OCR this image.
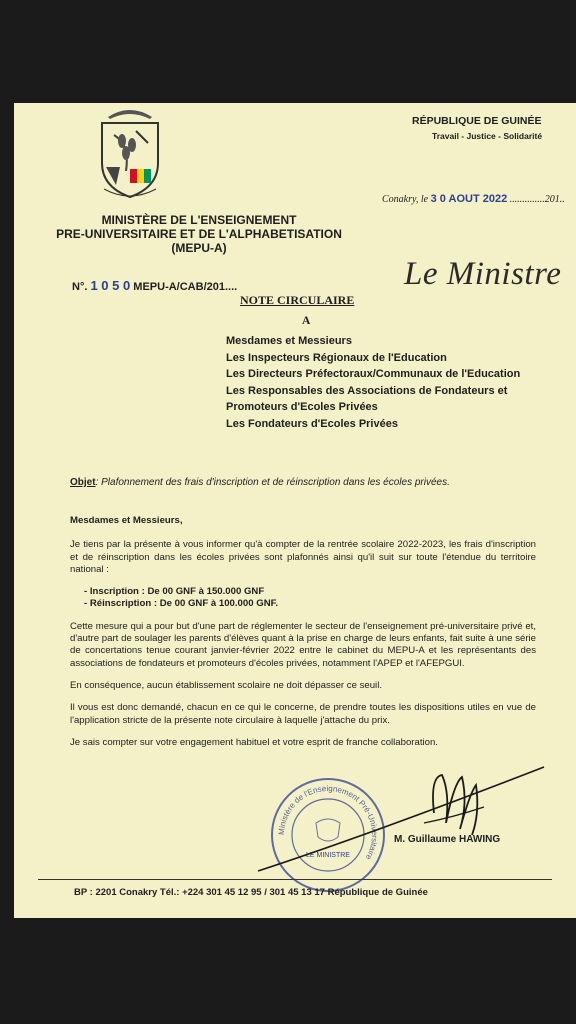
RÉPUBLIQUE DE GUINÉE
Travail - Justice - Solidarité
Conakry, le 3 0 AOUT 2022 ..............201..
MINISTÈRE DE L'ENSEIGNEMENT
PRE-UNIVERSITAIRE ET DE L'ALPHABETISATION
(MEPU-A)
N°. 1 0 5 0 MEPU-A/CAB/201....	Le Ministre
NOTE CIRCULAIRE
A
Mesdames et Messieurs
Les Inspecteurs Régionaux de l'Education
Les Directeurs Préfectoraux/Communaux de l'Education
Les Responsables des Associations de Fondateurs et Promoteurs d'Ecoles Privées
Les Fondateurs d'Ecoles Privées
Objet: Plafonnement des frais d'inscription et de réinscription dans les écoles privées.

Mesdames et Messieurs,

Je tiens par la présente à vous informer qu'à compter de la rentrée scolaire 2022-2023, les frais d'inscription et de réinscription dans les écoles privées sont plafonnés ainsi qu'il suit sur toute l'étendue du territoire national :

- Inscription : De 00 GNF à 150.000 GNF
- Réinscription : De 00 GNF à 100.000 GNF.

Cette mesure qui a pour but d'une part de réglementer le secteur de l'enseignement pré-universitaire privé et, d'autre part de soulager les parents d'élèves quant à la prise en charge de leurs enfants, fait suite à une série de concertations tenue courant janvier-février 2022 entre le cabinet du MEPU-A et les représentants des associations de fondateurs et promoteurs d'écoles privées, notamment l'APEP et l'AFEPGUI.

En conséquence, aucun établissement scolaire ne doit dépasser ce seuil.

Il vous est donc demandé, chacun en ce qui le concerne, de prendre toutes les dispositions utiles en vue de l'application stricte de la présente note circulaire à laquelle j'attache du prix.

Je sais compter sur votre engagement habituel et votre esprit de franche collaboration.

Ministère de l'Enseignement Pré-Universitaire
LE MINISTRE
M. Guillaume HAWING
BP : 2201 Conakry Tél.: +224 301 45 12 95 / 301 45 13 17 République de Guinée
